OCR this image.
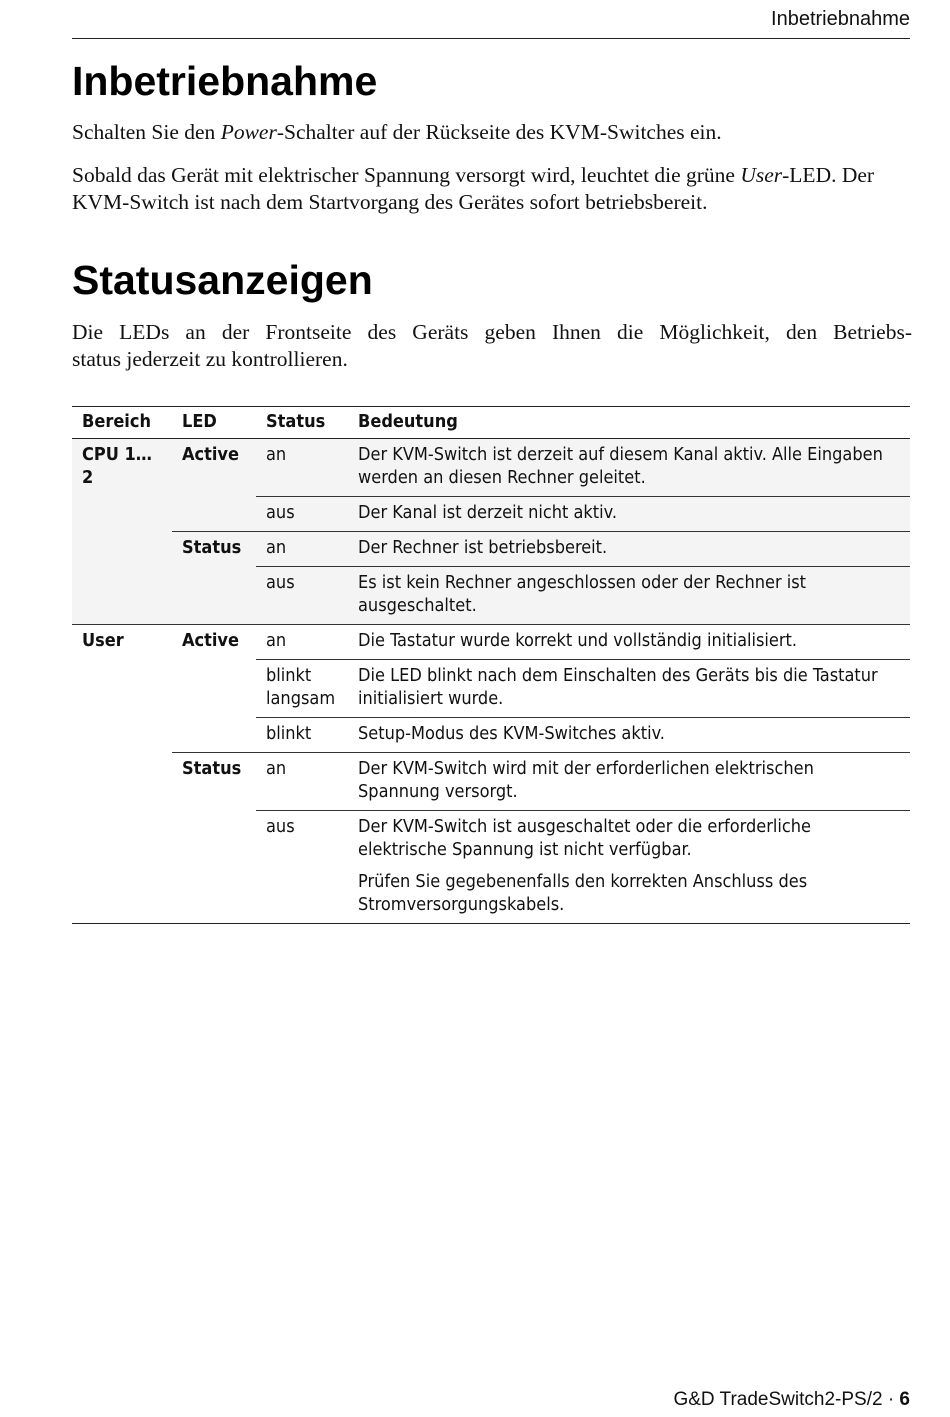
Inbetriebnahme
Inbetriebnahme

Schalten Sie den Power-Schalter auf der Rückseite des KVM-Switches ein.

Sobald das Gerät mit elektrischer Spannung versorgt wird, leuchtet die grüne User-LED. Der KVM-Switch ist nach dem Startvorgang des Gerätes sofort betriebsbereit.

Statusanzeigen

Die LEDs an der Frontseite des Geräts geben Ihnen die Möglichkeit, den Betriebs-
status jederzeit zu kontrollieren.

Bereich	LED	Status	Bedeutung
CPU 1…2	Active	an	Der KVM-Switch ist derzeit auf diesem Kanal aktiv. Alle Eingaben werden an diesen Rechner geleitet.
		aus	Der Kanal ist derzeit nicht aktiv.
	Status	an	Der Rechner ist betriebsbereit.
		aus	Es ist kein Rechner angeschlossen oder der Rechner ist ausgeschaltet.
User	Active	an	Die Tastatur wurde korrekt und vollständig initialisiert.
		blinkt langsam	Die LED blinkt nach dem Einschalten des Geräts bis die Tastatur initialisiert wurde.
		blinkt	Setup-Modus des KVM-Switches aktiv.
	Status	an	Der KVM-Switch wird mit der erforderlichen elektrischen Spannung versorgt.
		aus	Der KVM-Switch ist ausgeschaltet oder die erforderliche elektrische Spannung ist nicht verfügbar.
Prüfen Sie gegebenenfalls den korrekten Anschluss des Stromversorgungskabels.
G&D TradeSwitch2-PS/2 · 6
